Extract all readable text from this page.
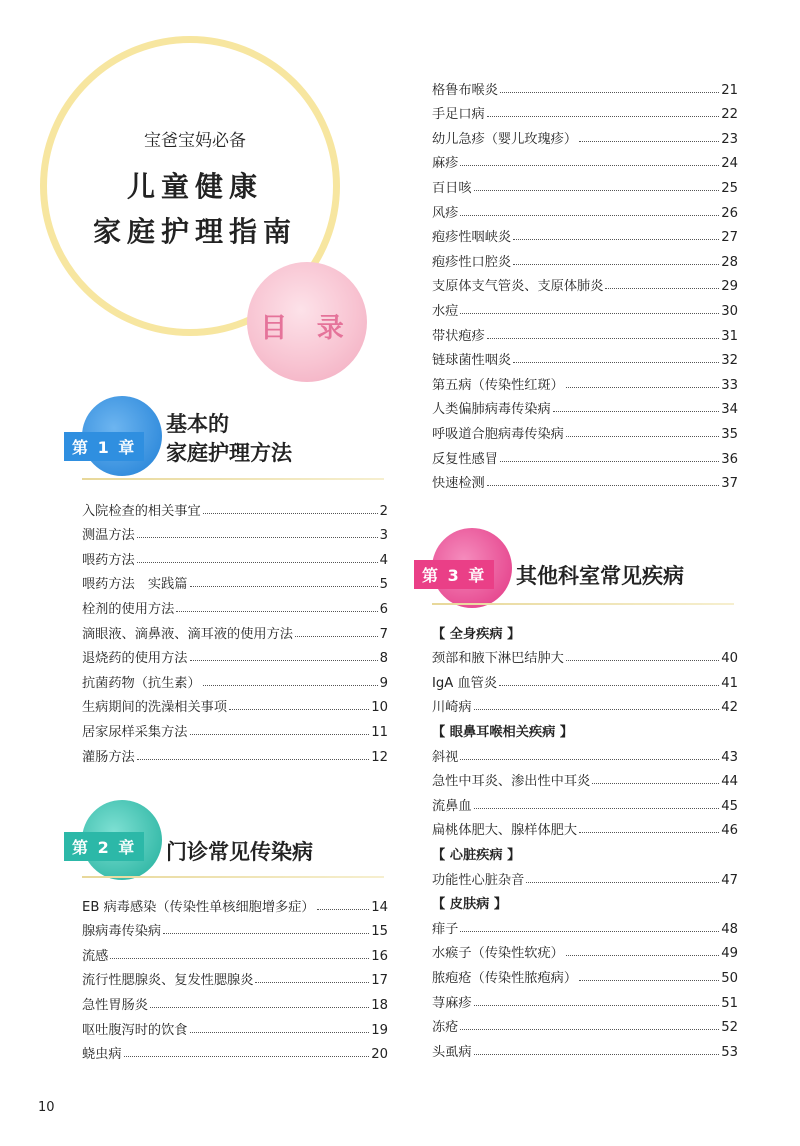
宝爸宝妈必备
儿童健康
家庭护理指南
目 录
第 1 章
基本的
家庭护理方法
入院检查的相关事宜	2
测温方法	3
喂药方法	4
喂药方法　实践篇	5
栓剂的使用方法	6
滴眼液、滴鼻液、滴耳液的使用方法	7
退烧药的使用方法	8
抗菌药物（抗生素）	9
生病期间的洗澡相关事项	10
居家尿样采集方法	11
灌肠方法	12
第 2 章	门诊常见传染病
EB 病毒感染（传染性单核细胞增多症）	14
腺病毒传染病	15
流感	16
流行性腮腺炎、复发性腮腺炎	17
急性胃肠炎	18
呕吐腹泻时的饮食	19
蛲虫病	20
格鲁布喉炎	21
手足口病	22
幼儿急疹（婴儿玫瑰疹）	23
麻疹	24
百日咳	25
风疹	26
疱疹性咽峡炎	27
疱疹性口腔炎	28
支原体支气管炎、支原体肺炎	29
水痘	30
带状疱疹	31
链球菌性咽炎	32
第五病（传染性红斑）	33
人类偏肺病毒传染病	34
呼吸道合胞病毒传染病	35
反复性感冒	36
快速检测	37
第 3 章	其他科室常见疾病
【 全身疾病 】
颈部和腋下淋巴结肿大	40
IgA 血管炎	41
川崎病	42
【 眼鼻耳喉相关疾病 】
斜视	43
急性中耳炎、渗出性中耳炎	44
流鼻血	45
扁桃体肥大、腺样体肥大	46
【 心脏疾病 】
功能性心脏杂音	47
【 皮肤病 】
痱子	48
水瘊子（传染性软疣）	49
脓疱疮（传染性脓疱病）	50
荨麻疹	51
冻疮	52
头虱病	53
10
